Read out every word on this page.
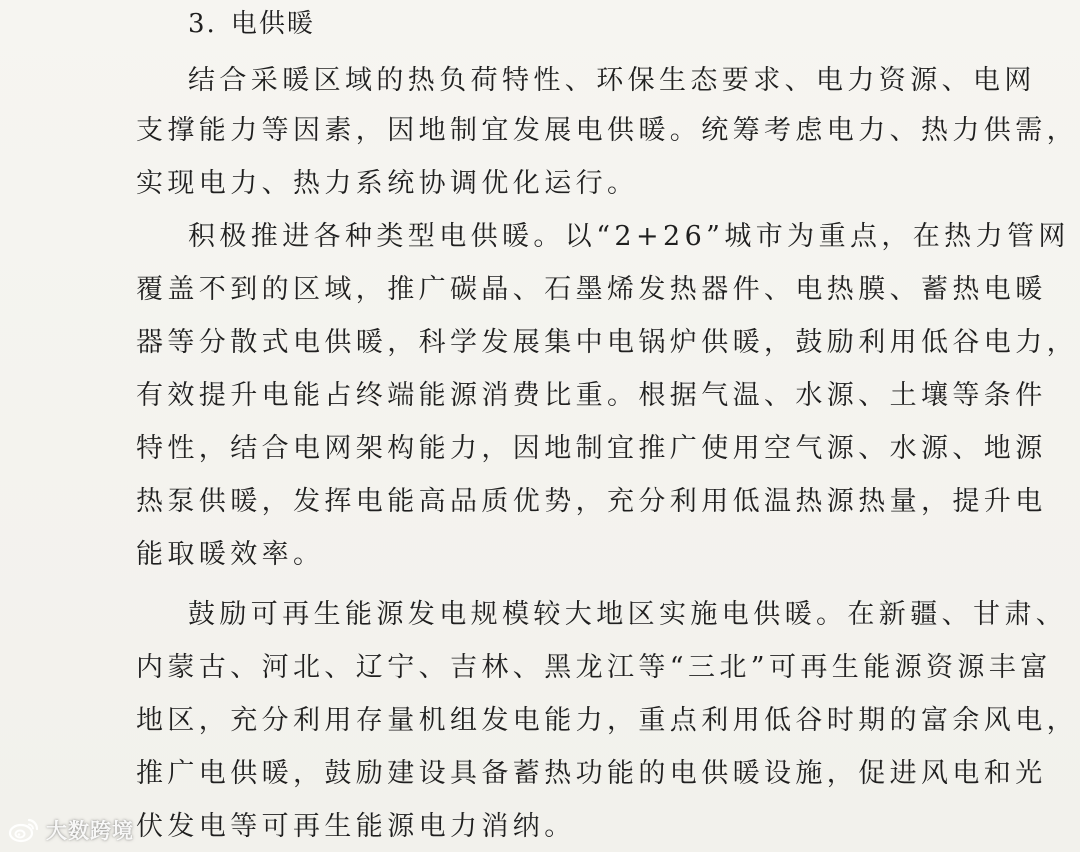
3. 电供暖
结合采暖区域的热负荷特性、环保生态要求、电力资源、电网
支撑能力等因素，因地制宜发展电供暖。统筹考虑电力、热力供需，
实现电力、热力系统协调优化运行。
积极推进各种类型电供暖。以“2+26”城市为重点，在热力管网
覆盖不到的区域，推广碳晶、石墨烯发热器件、电热膜、蓄热电暖
器等分散式电供暖，科学发展集中电锅炉供暖，鼓励利用低谷电力，
有效提升电能占终端能源消费比重。根据气温、水源、土壤等条件
特性，结合电网架构能力，因地制宜推广使用空气源、水源、地源
热泵供暖，发挥电能高品质优势，充分利用低温热源热量，提升电
能取暖效率。
鼓励可再生能源发电规模较大地区实施电供暖。在新疆、甘肃、
内蒙古、河北、辽宁、吉林、黑龙江等“三北”可再生能源资源丰富
地区，充分利用存量机组发电能力，重点利用低谷时期的富余风电，
推广电供暖，鼓励建设具备蓄热功能的电供暖设施，促进风电和光
伏发电等可再生能源电力消纳。
大数跨境
